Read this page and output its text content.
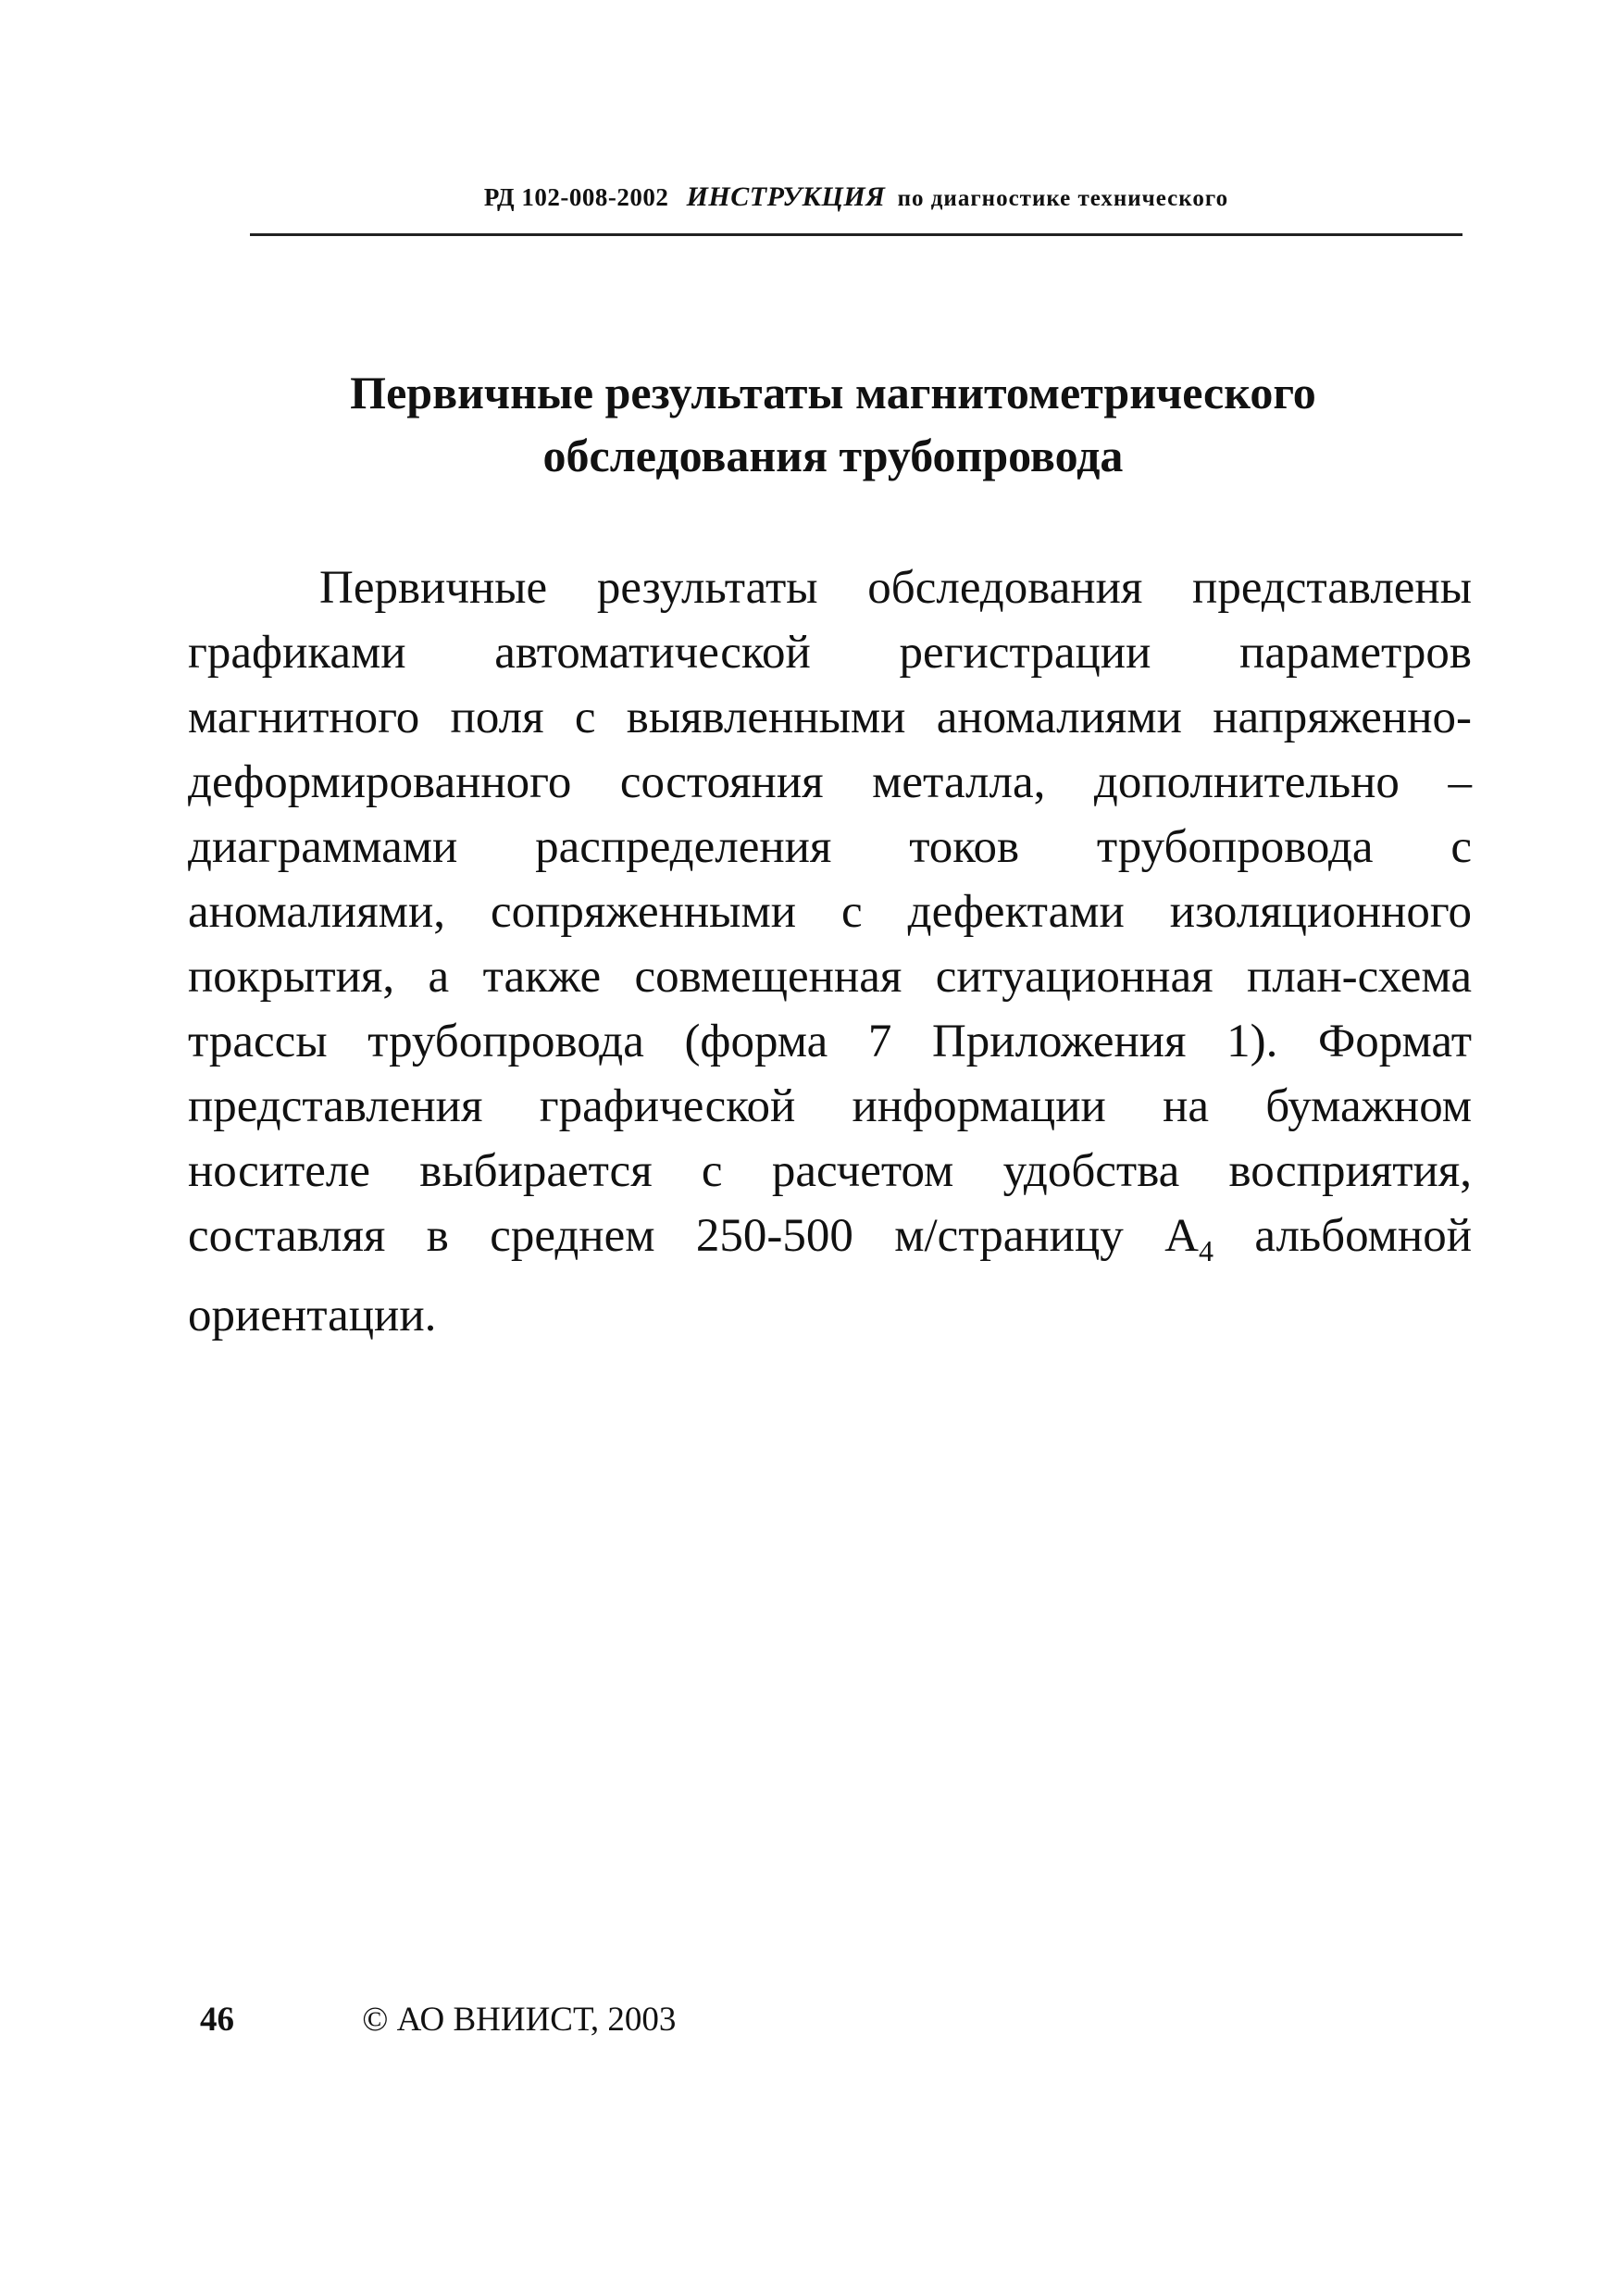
РД 102-008-2002 ИНСТРУКЦИЯ по диагностике технического
Первичные результаты магнитометрического
обследования трубопровода

Первичные результаты обследования представлены графиками автоматической регистрации параметров магнитного поля с выявленными аномалиями напряженно-деформированного состояния металла, дополнительно – диаграммами распределения токов трубопровода с аномалиями, сопряженными с дефектами изоляционного покрытия, а также совмещенная ситуационная план-схема трассы трубопровода (форма 7 Приложения 1). Формат представления графической информации на бумажном носителе выбирается с расчетом удобства восприятия, составляя в среднем 250-500 м/страницу $А_4$ альбомной ориентации.

46	© АО ВНИИСТ, 2003
